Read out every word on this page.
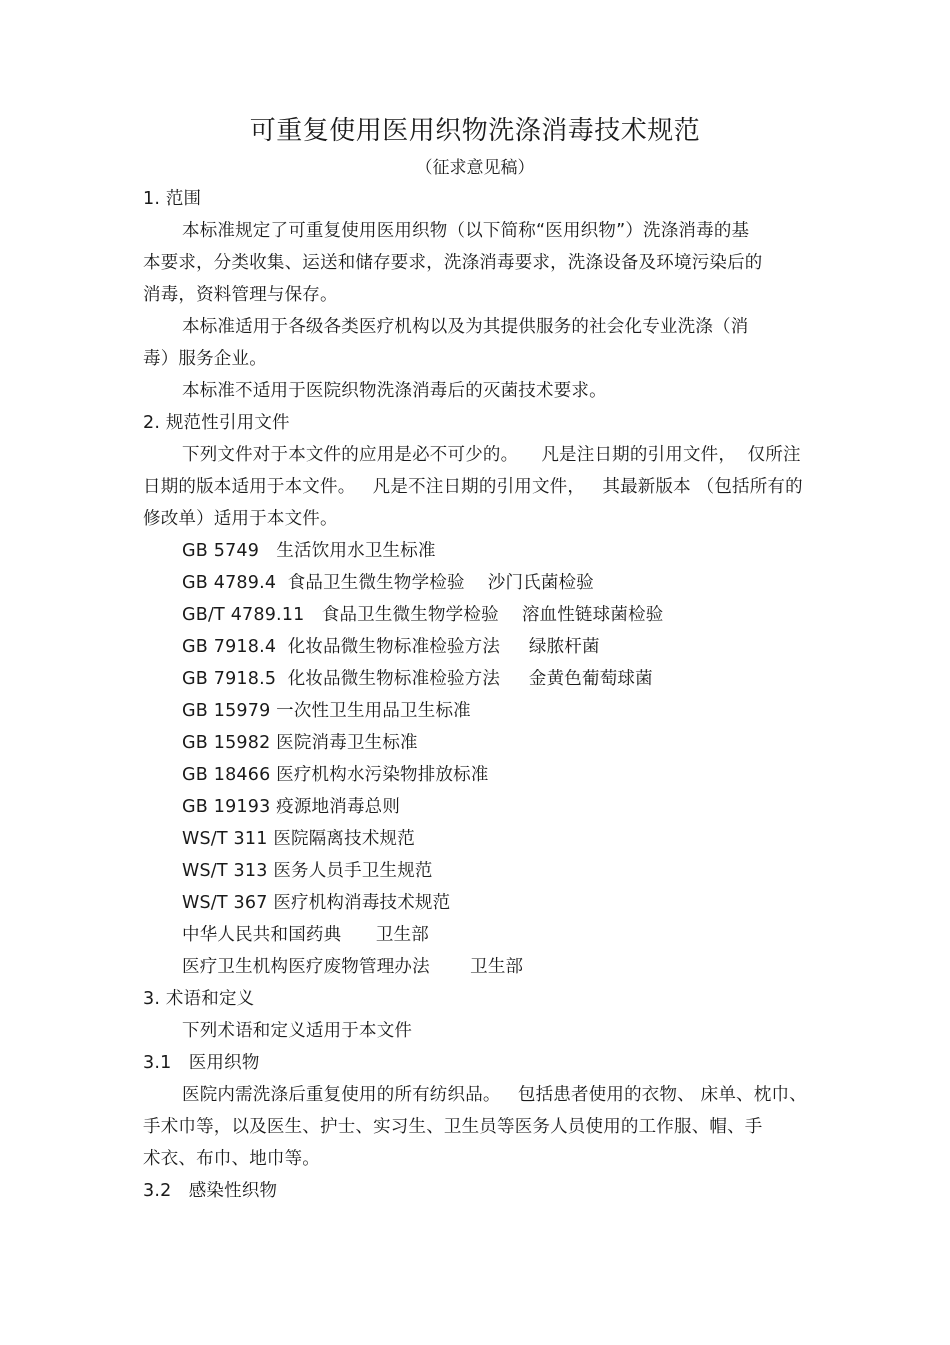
可重复使用医用织物洗涤消毒技术规范
（征求意见稿）
1. 范围
本标准规定了可重复使用医用织物（以下简称“医用织物”）洗涤消毒的基
本要求，分类收集、运送和储存要求，洗涤消毒要求，洗涤设备及环境污染后的
消毒，资料管理与保存。
本标准适用于各级各类医疗机构以及为其提供服务的社会化专业洗涤（消
毒）服务企业。
本标准不适用于医院织物洗涤消毒后的灭菌技术要求。
2. 规范性引用文件
下列文件对于本文件的应用是必不可少的。    凡是注日期的引用文件，  仅所注
日期的版本适用于本文件。   凡是不注日期的引用文件，   其最新版本 （包括所有的
修改单）适用于本文件。
GB 5749   生活饮用水卫生标准
GB 4789.4  食品卫生微生物学检验    沙门氏菌检验
GB/T 4789.11   食品卫生微生物学检验    溶血性链球菌检验
GB 7918.4  化妆品微生物标准检验方法     绿脓杆菌
GB 7918.5  化妆品微生物标准检验方法     金黄色葡萄球菌
GB 15979 一次性卫生用品卫生标准
GB 15982 医院消毒卫生标准
GB 18466 医疗机构水污染物排放标准
GB 19193 疫源地消毒总则
WS/T 311 医院隔离技术规范
WS/T 313 医务人员手卫生规范
WS/T 367 医疗机构消毒技术规范
中华人民共和国药典      卫生部
医疗卫生机构医疗废物管理办法       卫生部
3. 术语和定义
下列术语和定义适用于本文件
3.1   医用织物
医院内需洗涤后重复使用的所有纺织品。   包括患者使用的衣物、 床单、枕巾、
手术巾等，以及医生、护士、实习生、卫生员等医务人员使用的工作服、帽、手
术衣、布巾、地巾等。
3.2   感染性织物
